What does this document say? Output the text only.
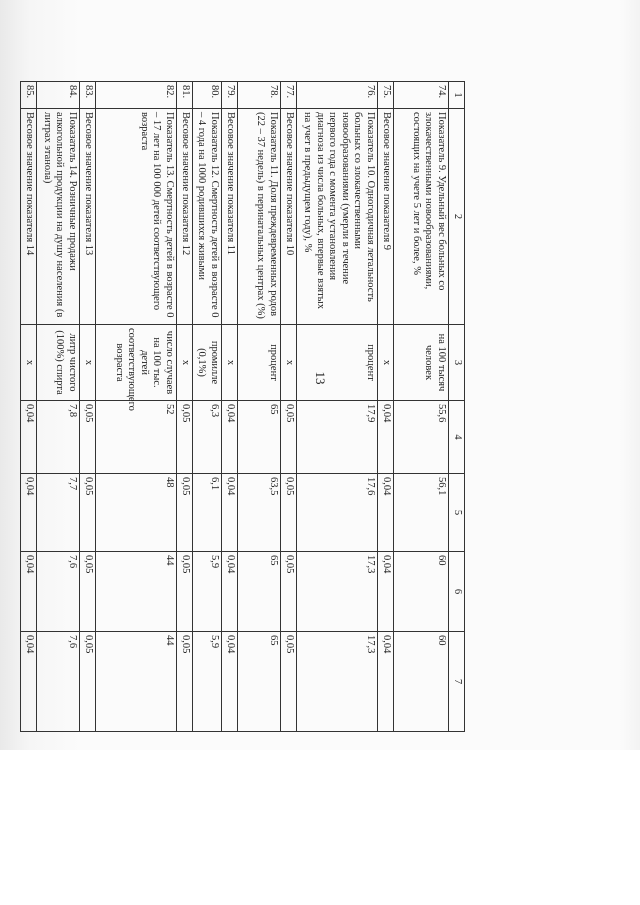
13
1	2	3	4	5	6	7
74.	Показатель 9. Удельный вес больных со злокачественными новообразованиями, состоящих на учете 5 лет и более, %	на 100 тысяч человек	55,6	56,1	60	60
75.	Весовое значение показателя 9	x	0,04	0,04	0,04	0,04
76.	Показатель 10. Одногодичная летальность больных со злокачественными новообразованиями (умерли в течение первого года с момента установления диагноза из числа больных, впервые взятых на учет в предыдущем году), %	процент	17,9	17,6	17,3	17,3
77.	Весовое значение показателя 10	x	0,05	0,05	0,05	0,05
78.	Показатель 11. Доля преждевременных родов (22 – 37 недель) в перинатальных центрах (%)	процент	65	63,5	65	65
79.	Весовое значение показателя 11	x	0,04	0,04	0,04	0,04
80.	Показатель 12. Смертность детей в возрасте 0 – 4 года на 1000 родившихся живыми	промилле (0,1%)	6,3	6,1	5,9	5,9
81.	Весовое значение показателя 12	x	0,05	0,05	0,05	0,05
82.	Показатель 13. Смертность детей в возрасте 0 – 17 лет на 100 000 детей соответствующего возраста	число случаев на 100 тыс. детей соответствующего возраста	52	48	44	44
83.	Весовое значение показателя 13	x	0,05	0,05	0,05	0,05
84.	Показатель 14. Розничные продажи алкогольной продукции на душу населения (в литрах этанола)	литр чистого (100%) спирта	7,8	7,7	7,6	7,6
85.	Весовое значение показателя 14	x	0,04	0,04	0,04	0,04
